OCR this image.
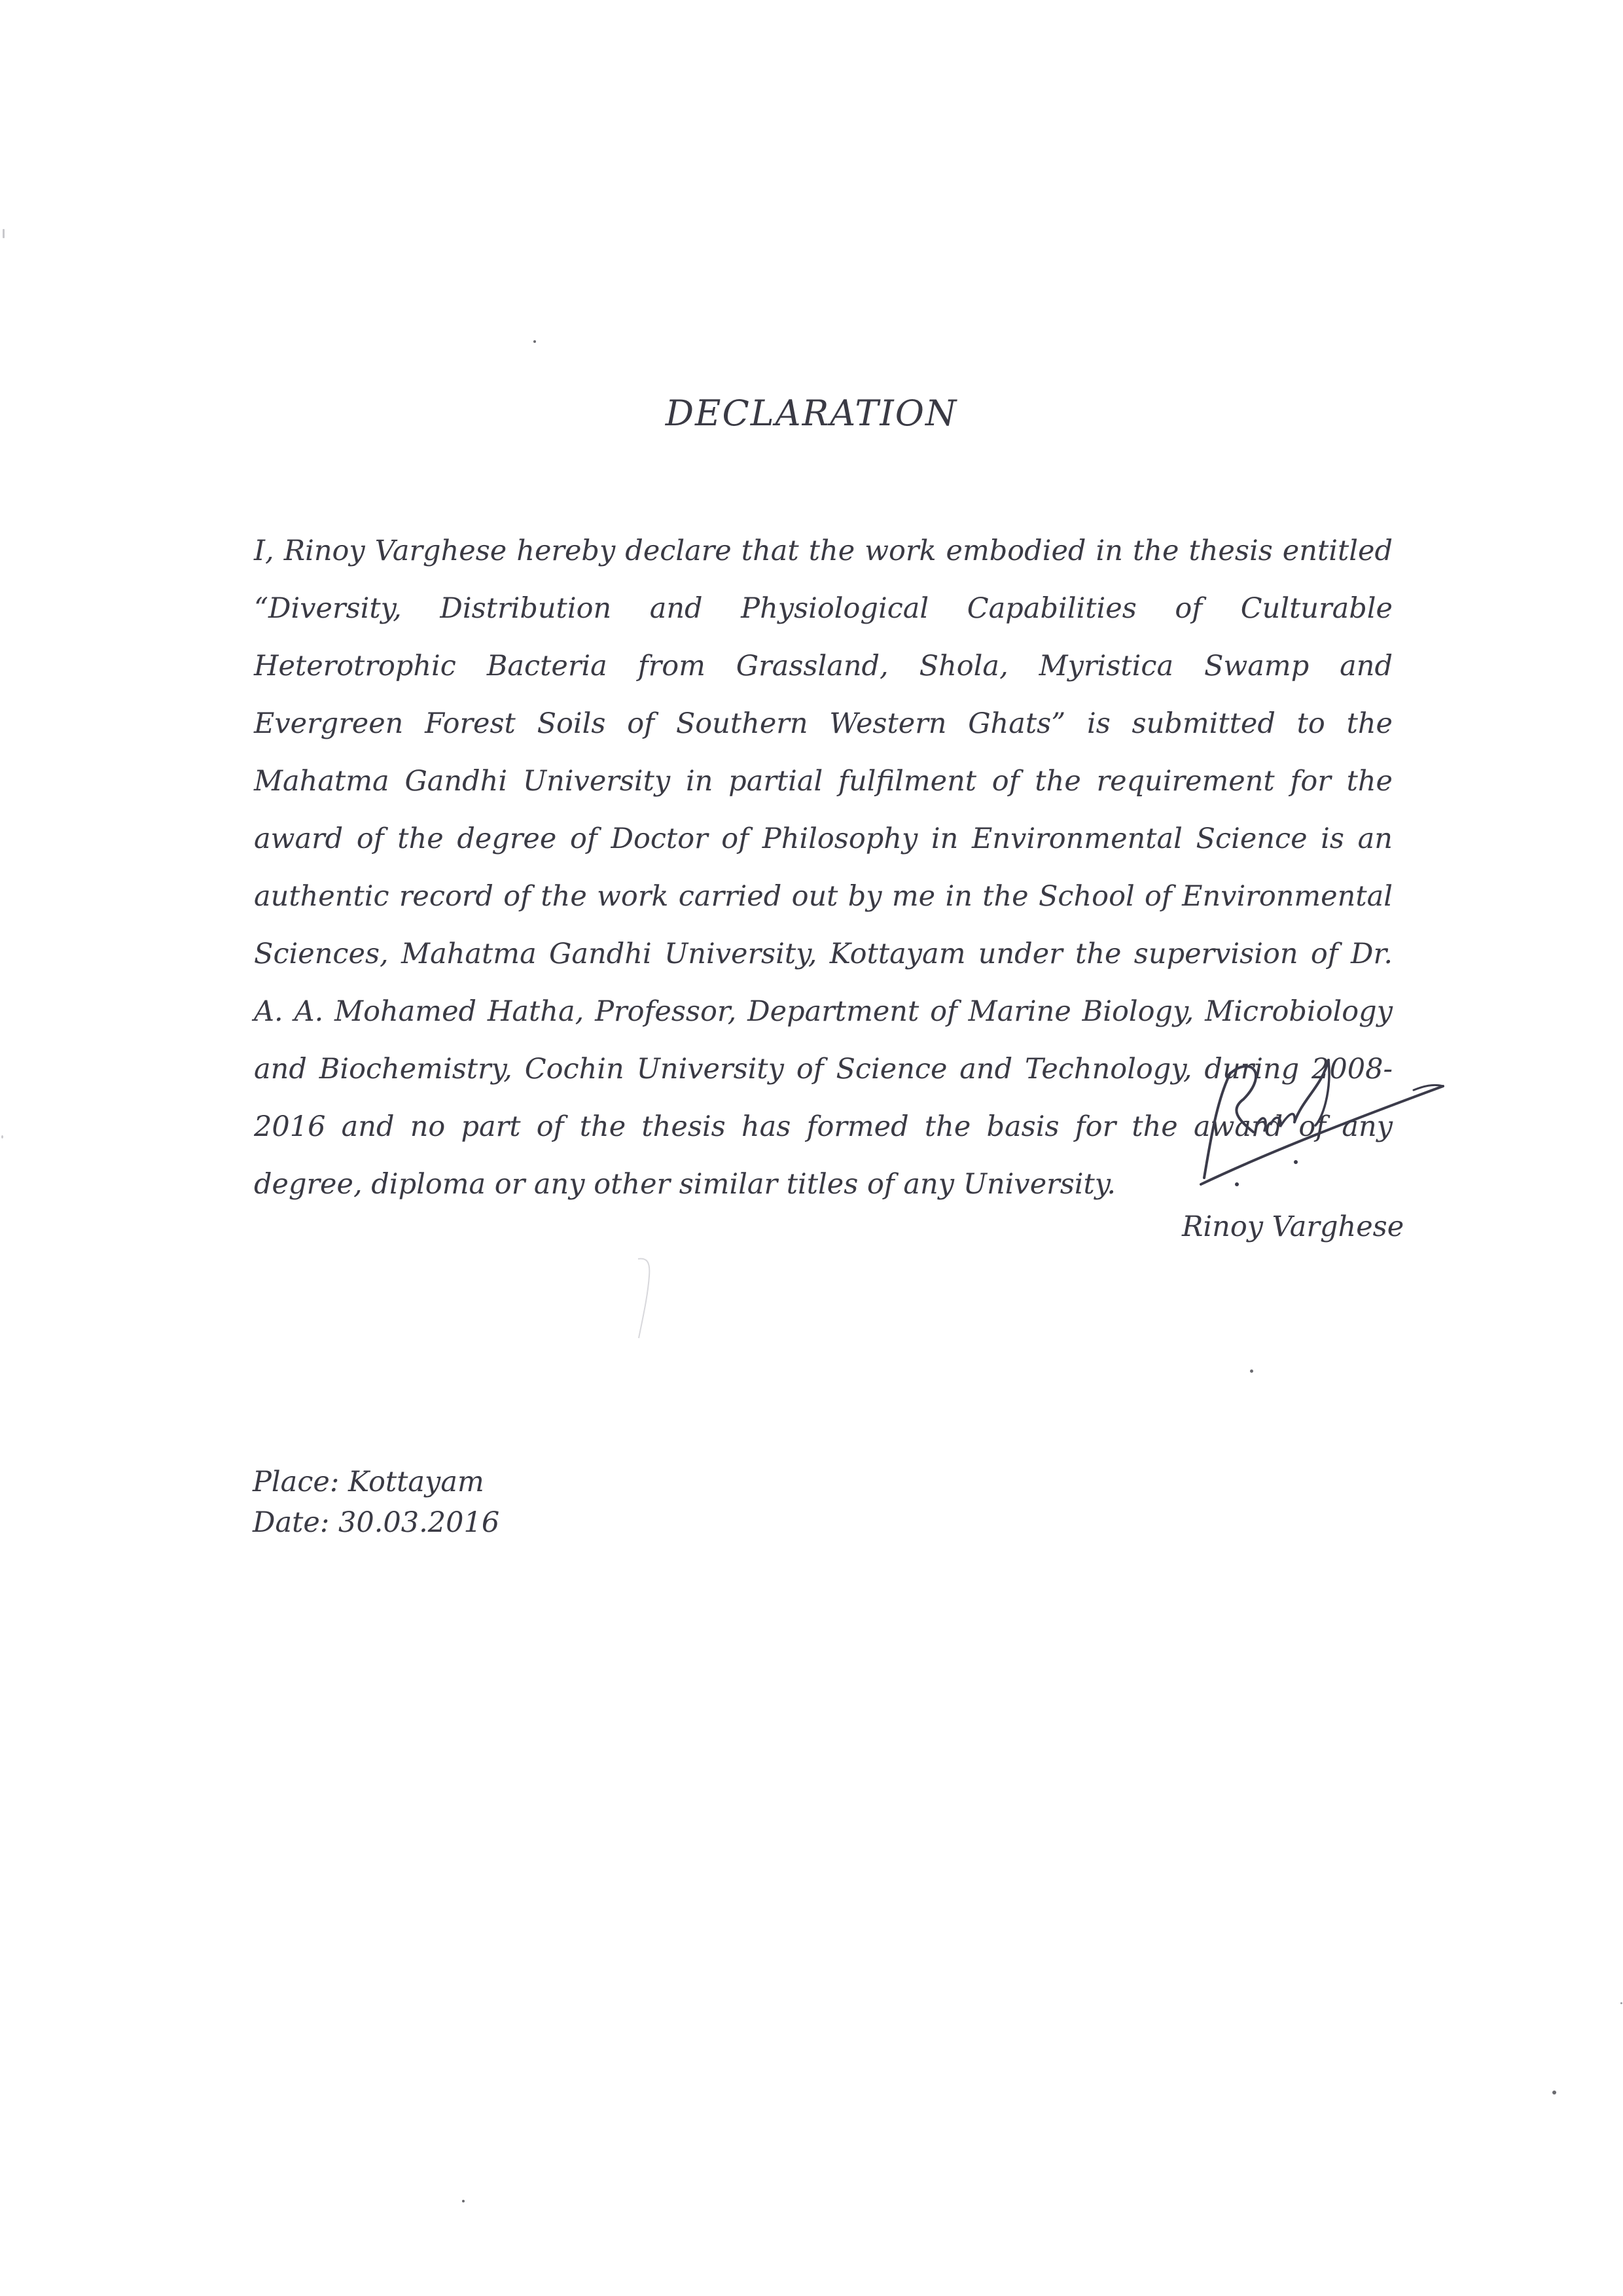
DECLARATION
I, Rinoy Varghese hereby declare that the work embodied in the thesis entitled “Diversity, Distribution and Physiological Capabilities of Culturable Heterotrophic Bacteria from Grassland, Shola, Myristica Swamp and Evergreen Forest Soils of Southern Western Ghats” is submitted to the Mahatma Gandhi University in partial fulfilment of the requirement for the award of the degree of Doctor of Philosophy in Environmental Science is an authentic record of the work carried out by me in the School of Environmental Sciences, Mahatma Gandhi University, Kottayam under the supervision of Dr. A. A. Mohamed Hatha, Professor, Department of Marine Biology, Microbiology and Biochemistry, Cochin University of Science and Technology, during 2008-2016 and no part of the thesis has formed the basis for the award of any degree, diploma or any other similar titles of any University.
Rinoy Varghese
Place: Kottayam
Date: 30.03.2016
